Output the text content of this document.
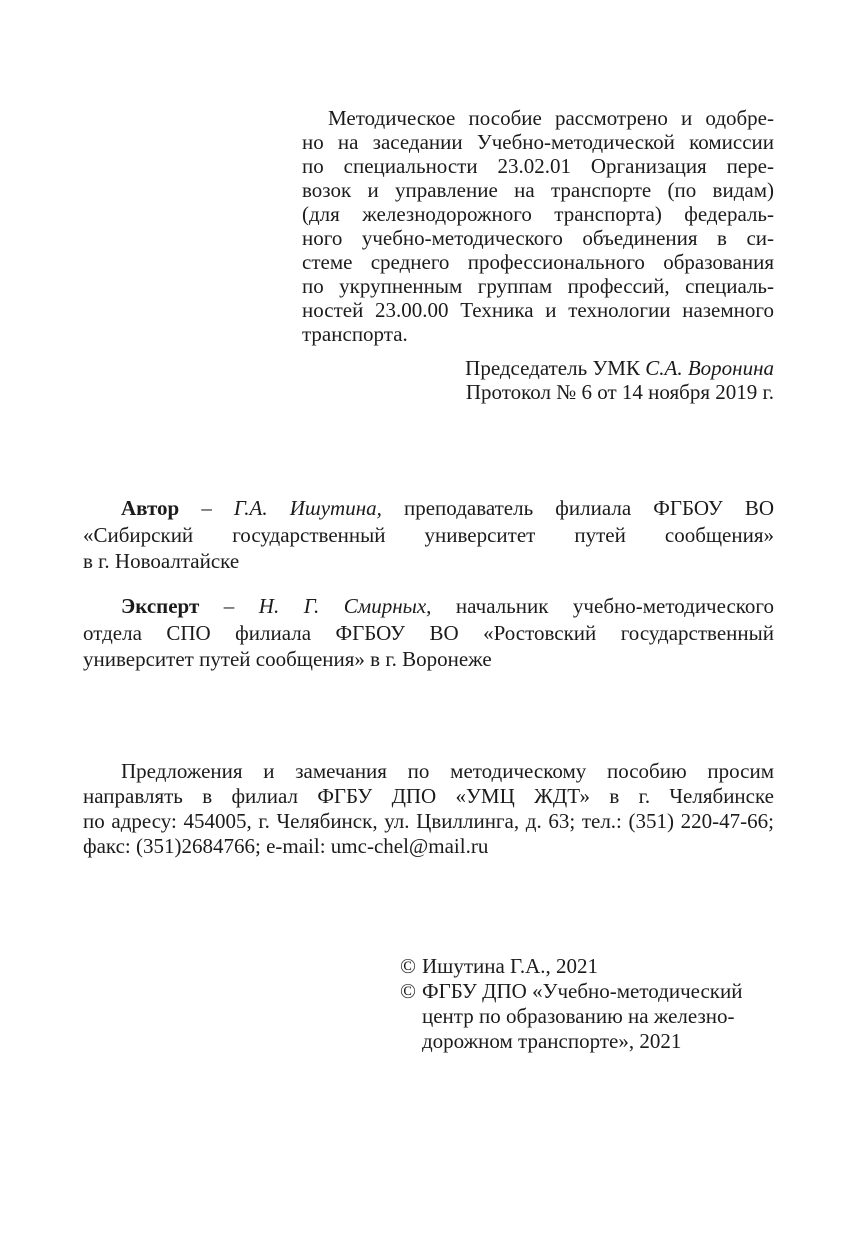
Методическое пособие рассмотрено и одобре-
но на заседании Учебно-методической комиссии
по специальности 23.02.01 Организация пере-
возок и управление на транспорте (по видам)
(для железнодорожного транспорта) федераль-
ного учебно-методического объединения в си-
стеме среднего профессионального образования
по укрупненным группам профессий, специаль-
ностей 23.00.00 Техника и технологии наземного
транспорта.
Председатель УМК С.А. Воронина
Протокол № 6 от 14 ноября 2019 г.
Автор – Г.А. Ишутина, преподаватель филиала ФГБОУ ВО
«Сибирский государственный университет путей сообщения»
в г. Новоалтайске
Эксперт – Н. Г. Смирных, начальник учебно-методического
отдела СПО филиала ФГБОУ ВО «Ростовский государственный
университет путей сообщения» в г. Воронеже
Предложения и замечания по методическому пособию просим
направлять в филиал ФГБУ ДПО «УМЦ ЖДТ» в г. Челябинске
по адресу: 454005, г. Челябинск, ул. Цвиллинга, д. 63; тел.: (351) 220-47-66;
факс: (351)2684766; e-mail: umc-chel@mail.ru
© Ишутина Г.А., 2021
© ФГБУ ДПО «Учебно-методический
центр по образованию на железно-
дорожном транспорте», 2021
